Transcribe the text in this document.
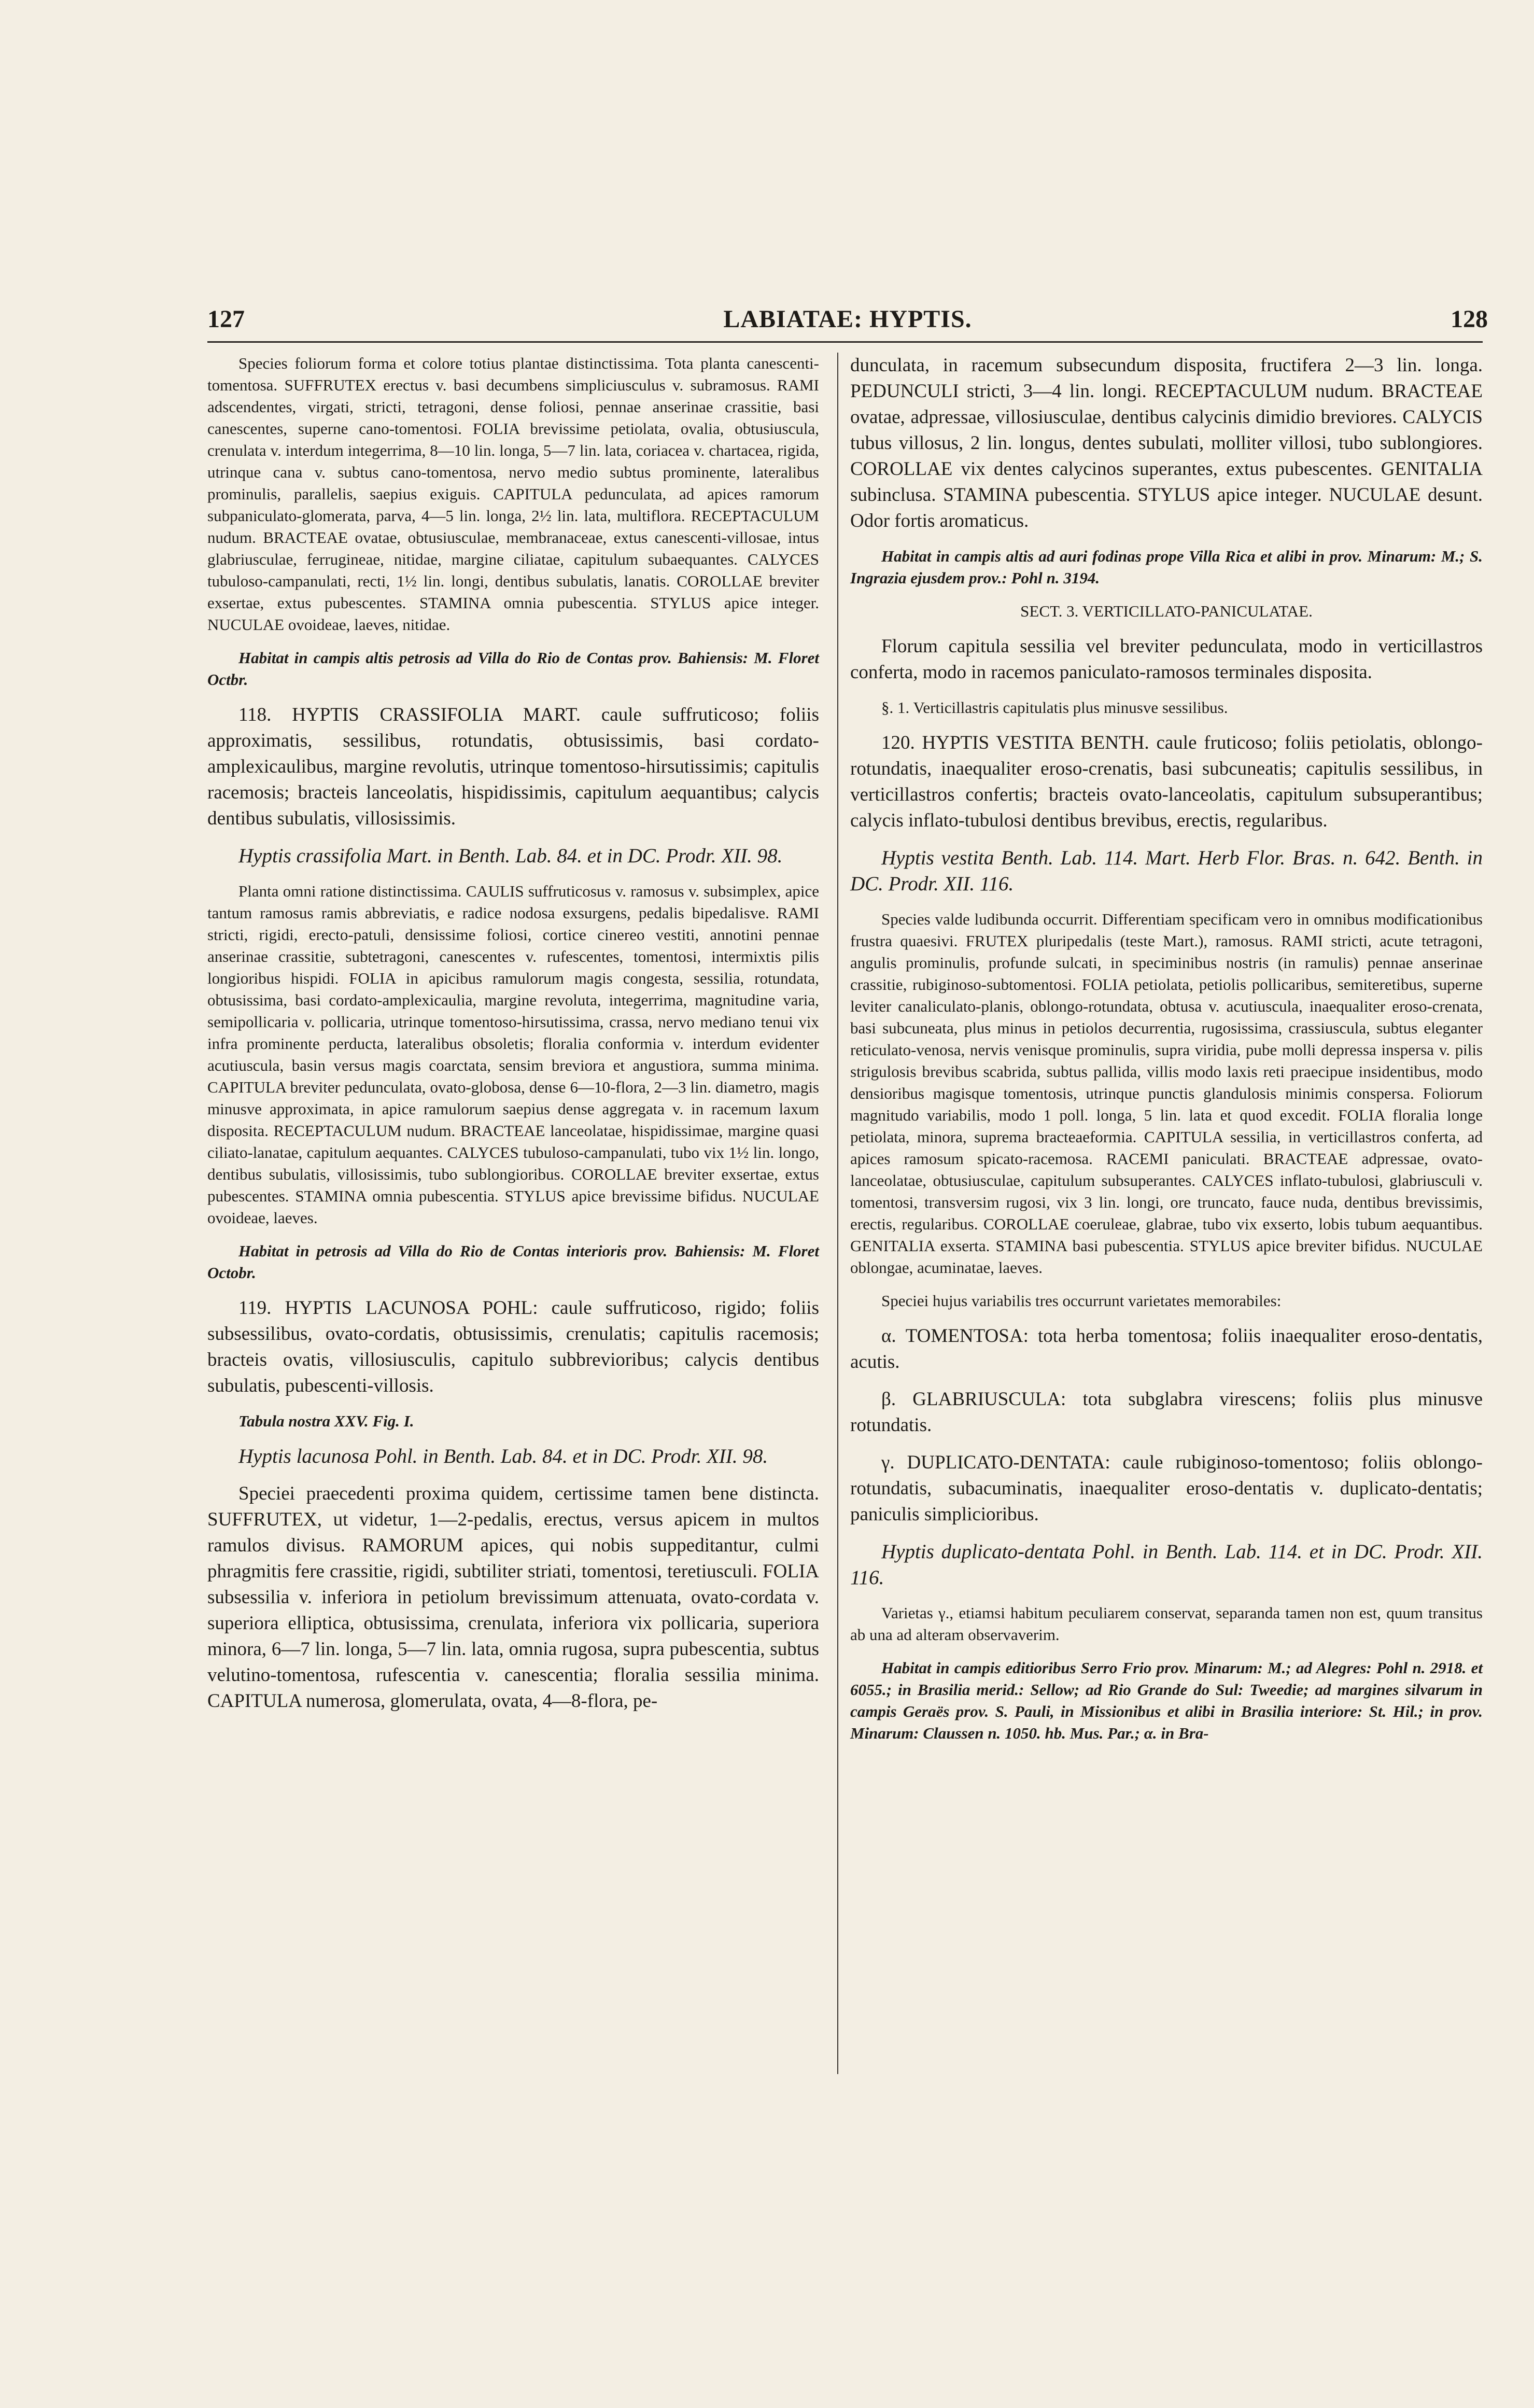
127	LABIATAE: HYPTIS.	128

Species foliorum forma et colore totius plantae distinctissima. Tota planta canescenti-tomentosa. SUFFRUTEX erectus v. basi decumbens simpliciusculus v. subramosus. RAMI adscendentes, virgati, stricti, tetragoni, dense foliosi, pennae anserinae crassitie, basi canescentes, superne cano-tomentosi. FOLIA brevissime petiolata, ovalia, obtusiuscula, crenulata v. interdum integerrima, 8—10 lin. longa, 5—7 lin. lata, coriacea v. chartacea, rigida, utrinque cana v. subtus cano-tomentosa, nervo medio subtus prominente, lateralibus prominulis, parallelis, saepius exiguis. CAPITULA pedunculata, ad apices ramorum subpaniculato-glomerata, parva, 4—5 lin. longa, 2½ lin. lata, multiflora. RECEPTACULUM nudum. BRACTEAE ovatae, obtusiusculae, membranaceae, extus canescenti-villosae, intus glabriusculae, ferrugineae, nitidae, margine ciliatae, capitulum subaequantes. CALYCES tubuloso-campanulati, recti, 1½ lin. longi, dentibus subulatis, lanatis. COROLLAE breviter exsertae, extus pubescentes. STAMINA omnia pubescentia. STYLUS apice integer. NUCULAE ovoideae, laeves, nitidae.

Habitat in campis altis petrosis ad Villa do Rio de Contas prov. Bahiensis: M. Floret Octbr.

118. HYPTIS CRASSIFOLIA MART. caule suffruticoso; foliis approximatis, sessilibus, rotundatis, obtusissimis, basi cordato-amplexicaulibus, margine revolutis, utrinque tomentoso-hirsutissimis; capitulis racemosis; bracteis lanceolatis, hispidissimis, capitulum aequantibus; calycis dentibus subulatis, villosissimis.

Hyptis crassifolia Mart. in Benth. Lab. 84. et in DC. Prodr. XII. 98.

Planta omni ratione distinctissima. CAULIS suffruticosus v. ramosus v. subsimplex, apice tantum ramosus ramis abbreviatis, e radice nodosa exsurgens, pedalis bipedalisve. RAMI stricti, rigidi, erecto-patuli, densissime foliosi, cortice cinereo vestiti, annotini pennae anserinae crassitie, subtetragoni, canescentes v. rufescentes, tomentosi, intermixtis pilis longioribus hispidi. FOLIA in apicibus ramulorum magis congesta, sessilia, rotundata, obtusissima, basi cordato-amplexicaulia, margine revoluta, integerrima, magnitudine varia, semipollicaria v. pollicaria, utrinque tomentoso-hirsutissima, crassa, nervo mediano tenui vix infra prominente perducta, lateralibus obsoletis; floralia conformia v. interdum evidenter acutiuscula, basin versus magis coarctata, sensim breviora et angustiora, summa minima. CAPITULA breviter pedunculata, ovato-globosa, dense 6—10-flora, 2—3 lin. diametro, magis minusve approximata, in apice ramulorum saepius dense aggregata v. in racemum laxum disposita. RECEPTACULUM nudum. BRACTEAE lanceolatae, hispidissimae, margine quasi ciliato-lanatae, capitulum aequantes. CALYCES tubuloso-campanulati, tubo vix 1½ lin. longo, dentibus subulatis, villosissimis, tubo sublongioribus. COROLLAE breviter exsertae, extus pubescentes. STAMINA omnia pubescentia. STYLUS apice brevissime bifidus. NUCULAE ovoideae, laeves.

Habitat in petrosis ad Villa do Rio de Contas interioris prov. Bahiensis: M. Floret Octobr.

119. HYPTIS LACUNOSA POHL: caule suffruticoso, rigido; foliis subsessilibus, ovato-cordatis, obtusissimis, crenulatis; capitulis racemosis; bracteis ovatis, villosiusculis, capitulo subbrevioribus; calycis dentibus subulatis, pubescenti-villosis.

Tabula nostra XXV. Fig. I.

Hyptis lacunosa Pohl. in Benth. Lab. 84. et in DC. Prodr. XII. 98.

Speciei praecedenti proxima quidem, certissime tamen bene distincta. SUFFRUTEX, ut videtur, 1—2-pedalis, erectus, versus apicem in multos ramulos divisus. RAMORUM apices, qui nobis suppeditantur, culmi phragmitis fere crassitie, rigidi, subtiliter striati, tomentosi, teretiusculi. FOLIA subsessilia v. inferiora in petiolum brevissimum attenuata, ovato-cordata v. superiora elliptica, obtusissima, crenulata, inferiora vix pollicaria, superiora minora, 6—7 lin. longa, 5—7 lin. lata, omnia rugosa, supra pubescentia, subtus velutino-tomentosa, rufescentia v. canescentia; floralia sessilia minima. CAPITULA numerosa, glomerulata, ovata, 4—8-flora, pe-

dunculata, in racemum subsecundum disposita, fructifera 2—3 lin. longa. PEDUNCULI stricti, 3—4 lin. longi. RECEPTACULUM nudum. BRACTEAE ovatae, adpressae, villosiusculae, dentibus calycinis dimidio breviores. CALYCIS tubus villosus, 2 lin. longus, dentes subulati, molliter villosi, tubo sublongiores. COROLLAE vix dentes calycinos superantes, extus pubescentes. GENITALIA subinclusa. STAMINA pubescentia. STYLUS apice integer. NUCULAE desunt. Odor fortis aromaticus.

Habitat in campis altis ad auri fodinas prope Villa Rica et alibi in prov. Minarum: M.; S. Ingrazia ejusdem prov.: Pohl n. 3194.

SECT. 3. VERTICILLATO-PANICULATAE.

Florum capitula sessilia vel breviter pedunculata, modo in verticillastros conferta, modo in racemos paniculato-ramosos terminales disposita.

§. 1. Verticillastris capitulatis plus minusve sessilibus.

120. HYPTIS VESTITA BENTH. caule fruticoso; foliis petiolatis, oblongo-rotundatis, inaequaliter eroso-crenatis, basi subcuneatis; capitulis sessilibus, in verticillastros confertis; bracteis ovato-lanceolatis, capitulum subsuperantibus; calycis inflato-tubulosi dentibus brevibus, erectis, regularibus.

Hyptis vestita Benth. Lab. 114. Mart. Herb Flor. Bras. n. 642. Benth. in DC. Prodr. XII. 116.

Species valde ludibunda occurrit. Differentiam specificam vero in omnibus modificationibus frustra quaesivi. FRUTEX pluripedalis (teste Mart.), ramosus. RAMI stricti, acute tetragoni, angulis prominulis, profunde sulcati, in speciminibus nostris (in ramulis) pennae anserinae crassitie, rubiginoso-subtomentosi. FOLIA petiolata, petiolis pollicaribus, semiteretibus, superne leviter canaliculato-planis, oblongo-rotundata, obtusa v. acutiuscula, inaequaliter eroso-crenata, basi subcuneata, plus minus in petiolos decurrentia, rugosissima, crassiuscula, subtus eleganter reticulato-venosa, nervis venisque prominulis, supra viridia, pube molli depressa inspersa v. pilis strigulosis brevibus scabrida, subtus pallida, villis modo laxis reti praecipue insidentibus, modo densioribus magisque tomentosis, utrinque punctis glandulosis minimis conspersa. Foliorum magnitudo variabilis, modo 1 poll. longa, 5 lin. lata et quod excedit. FOLIA floralia longe petiolata, minora, suprema bracteaeformia. CAPITULA sessilia, in verticillastros conferta, ad apices ramosum spicato-racemosa. RACEMI paniculati. BRACTEAE adpressae, ovato-lanceolatae, obtusiusculae, capitulum subsuperantes. CALYCES inflato-tubulosi, glabriusculi v. tomentosi, transversim rugosi, vix 3 lin. longi, ore truncato, fauce nuda, dentibus brevissimis, erectis, regularibus. COROLLAE coeruleae, glabrae, tubo vix exserto, lobis tubum aequantibus. GENITALIA exserta. STAMINA basi pubescentia. STYLUS apice breviter bifidus. NUCULAE oblongae, acuminatae, laeves.

Speciei hujus variabilis tres occurrunt varietates memorabiles:

α. TOMENTOSA: tota herba tomentosa; foliis inaequaliter eroso-dentatis, acutis.

β. GLABRIUSCULA: tota subglabra virescens; foliis plus minusve rotundatis.

γ. DUPLICATO-DENTATA: caule rubiginoso-tomentoso; foliis oblongo-rotundatis, subacuminatis, inaequaliter eroso-dentatis v. duplicato-dentatis; paniculis simplicioribus.

Hyptis duplicato-dentata Pohl. in Benth. Lab. 114. et in DC. Prodr. XII. 116.

Varietas γ., etiamsi habitum peculiarem conservat, separanda tamen non est, quum transitus ab una ad alteram observaverim.

Habitat in campis editioribus Serro Frio prov. Minarum: M.; ad Alegres: Pohl n. 2918. et 6055.; in Brasilia merid.: Sellow; ad Rio Grande do Sul: Tweedie; ad margines silvarum in campis Geraës prov. S. Pauli, in Missionibus et alibi in Brasilia interiore: St. Hil.; in prov. Minarum: Claussen n. 1050. hb. Mus. Par.; α. in Bra-
